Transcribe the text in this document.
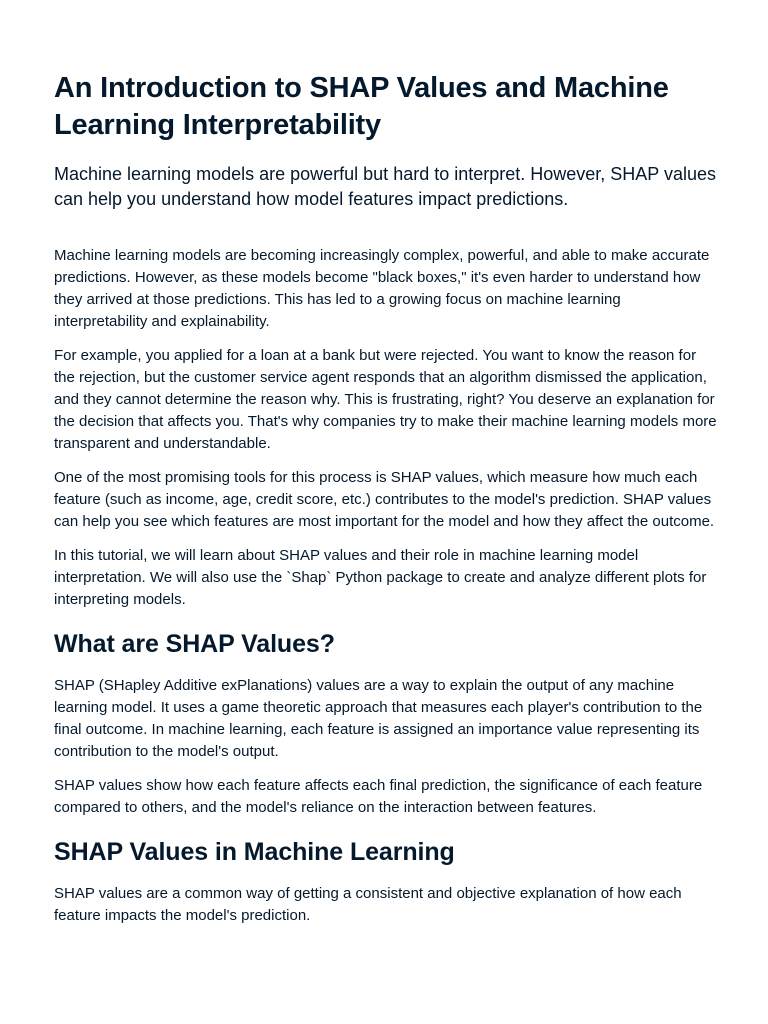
An Introduction to SHAP Values and Machine Learning Interpretability

Machine learning models are powerful but hard to interpret. However, SHAP values can help you understand how model features impact predictions.

Machine learning models are becoming increasingly complex, powerful, and able to make accurate predictions. However, as these models become "black boxes," it's even harder to understand how they arrived at those predictions. This has led to a growing focus on machine learning interpretability and explainability.

For example, you applied for a loan at a bank but were rejected. You want to know the reason for the rejection, but the customer service agent responds that an algorithm dismissed the application, and they cannot determine the reason why. This is frustrating, right? You deserve an explanation for the decision that affects you. That's why companies try to make their machine learning models more transparent and understandable.

One of the most promising tools for this process is SHAP values, which measure how much each feature (such as income, age, credit score, etc.) contributes to the model's prediction. SHAP values can help you see which features are most important for the model and how they affect the outcome.

In this tutorial, we will learn about SHAP values and their role in machine learning model interpretation. We will also use the `Shap` Python package to create and analyze different plots for interpreting models.

What are SHAP Values?

SHAP (SHapley Additive exPlanations) values are a way to explain the output of any machine learning model. It uses a game theoretic approach that measures each player's contribution to the final outcome. In machine learning, each feature is assigned an importance value representing its contribution to the model's output.

SHAP values show how each feature affects each final prediction, the significance of each feature compared to others, and the model's reliance on the interaction between features.

SHAP Values in Machine Learning

SHAP values are a common way of getting a consistent and objective explanation of how each feature impacts the model's prediction.
